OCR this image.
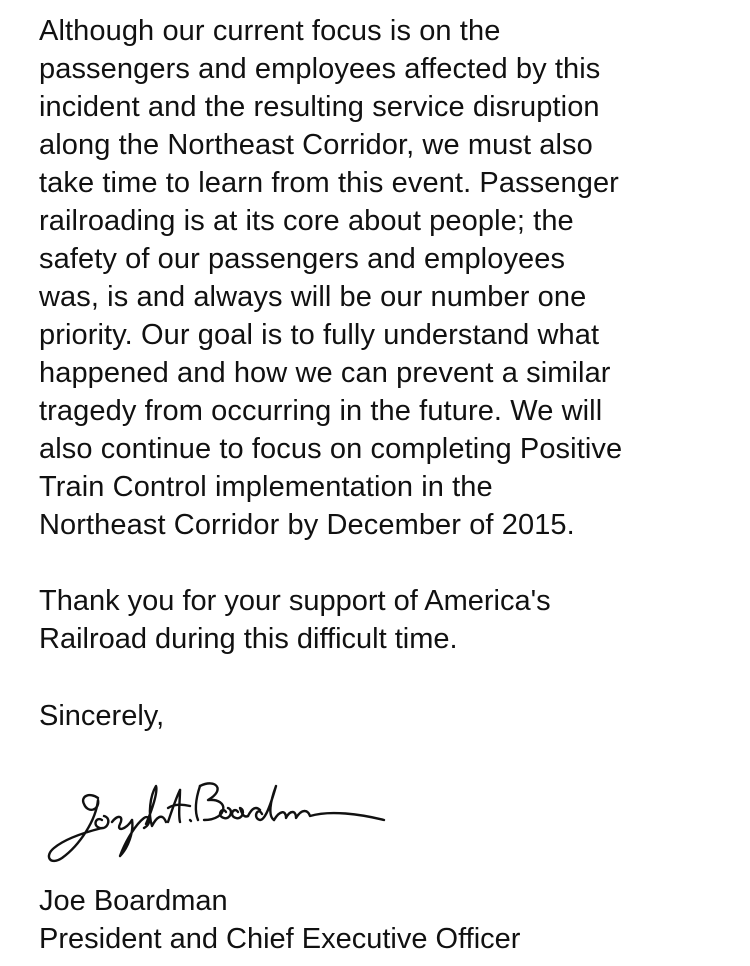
Although our current focus is on the
passengers and employees affected by this
incident and the resulting service disruption
along the Northeast Corridor, we must also
take time to learn from this event. Passenger
railroading is at its core about people; the
safety of our passengers and employees
was, is and always will be our number one
priority. Our goal is to fully understand what
happened and how we can prevent a similar
tragedy from occurring in the future. We will
also continue to focus on completing Positive
Train Control implementation in the
Northeast Corridor by December of 2015.
Thank you for your support of America's
Railroad during this difficult time.
Sincerely,
Joe Boardman
President and Chief Executive Officer
